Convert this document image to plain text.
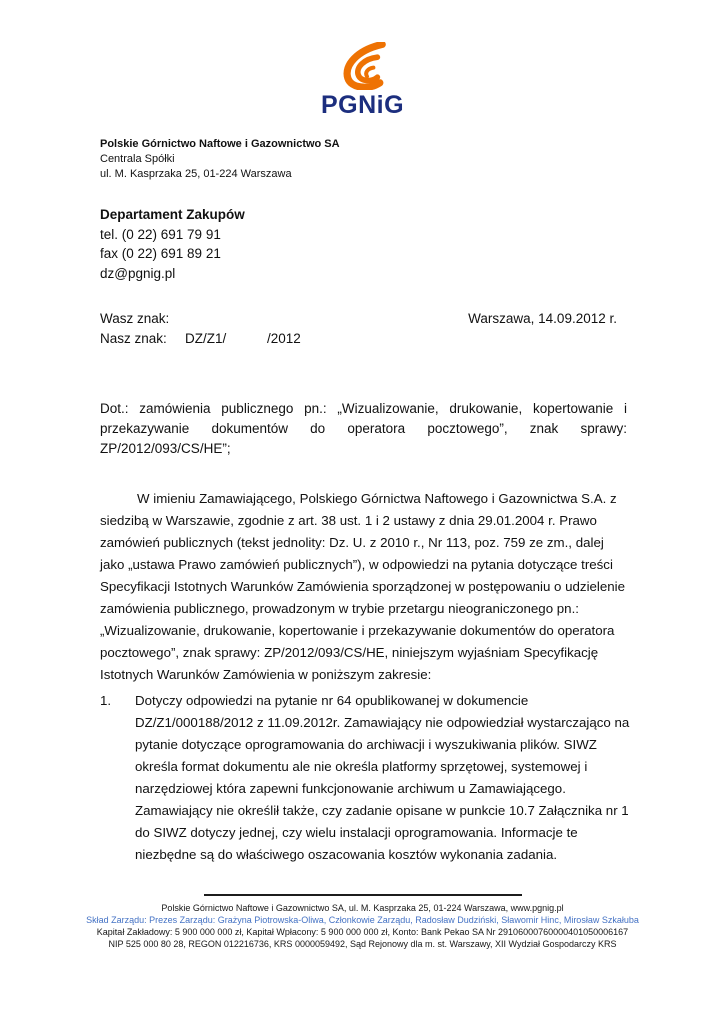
PGNiG
Polskie Górnictwo Naftowe i Gazownictwo SA
Centrala Spółki
ul. M. Kasprzaka 25, 01-224 Warszawa
Departament Zakupów
tel. (0 22) 691 79 91
fax (0 22) 691 89 21
dz@pgnig.pl
Wasz znak:	Warszawa, 14.09.2012 r.
Nasz znak:	DZ/Z1/	/2012
Dot.: zamówienia publicznego pn.: „Wizualizowanie, drukowanie, kopertowanie i przekazywanie dokumentów do operatora pocztowego”, znak sprawy: ZP/2012/093/CS/HE”;
W imieniu Zamawiającego, Polskiego Górnictwa Naftowego i Gazownictwa S.A. z siedzibą w Warszawie, zgodnie z art. 38 ust. 1 i 2 ustawy z dnia 29.01.2004 r. Prawo zamówień publicznych (tekst jednolity: Dz. U. z 2010 r., Nr 113, poz. 759 ze zm., dalej jako „ustawa Prawo zamówień publicznych”), w odpowiedzi na pytania dotyczące treści Specyfikacji Istotnych Warunków Zamówienia sporządzonej w postępowaniu o udzielenie zamówienia publicznego, prowadzonym w trybie przetargu nieograniczonego pn.: „Wizualizowanie, drukowanie, kopertowanie i przekazywanie dokumentów do operatora pocztowego”, znak sprawy: ZP/2012/093/CS/HE, niniejszym wyjaśniam Specyfikację Istotnych Warunków Zamówienia w poniższym zakresie:
1.	Dotyczy odpowiedzi na pytanie nr 64 opublikowanej w dokumencie DZ/Z1/000188/2012 z 11.09.2012r. Zamawiający nie odpowiedział wystarczająco na pytanie dotyczące oprogramowania do archiwacji i wyszukiwania plików. SIWZ określa format dokumentu ale nie określa platformy sprzętowej, systemowej i narzędziowej która zapewni funkcjonowanie archiwum u Zamawiającego. Zamawiający nie określił także, czy zadanie opisane w punkcie 10.7 Załącznika nr 1 do SIWZ dotyczy jednej, czy wielu instalacji oprogramowania. Informacje te niezbędne są do właściwego oszacowania kosztów wykonania zadania.
Polskie Górnictwo Naftowe i Gazownictwo SA, ul. M. Kasprzaka 25, 01-224 Warszawa, www.pgnig.pl
Skład Zarządu: Prezes Zarządu: Grażyna Piotrowska-Oliwa, Członkowie Zarządu, Radosław Dudziński, Sławomir Hinc, Mirosław Szkałuba
Kapitał Zakładowy: 5 900 000 000 zł, Kapitał Wpłacony: 5 900 000 000 zł, Konto: Bank Pekao SA Nr 29106000760000401050006167
NIP 525 000 80 28, REGON 012216736, KRS 0000059492, Sąd Rejonowy dla m. st. Warszawy, XII Wydział Gospodarczy KRS
